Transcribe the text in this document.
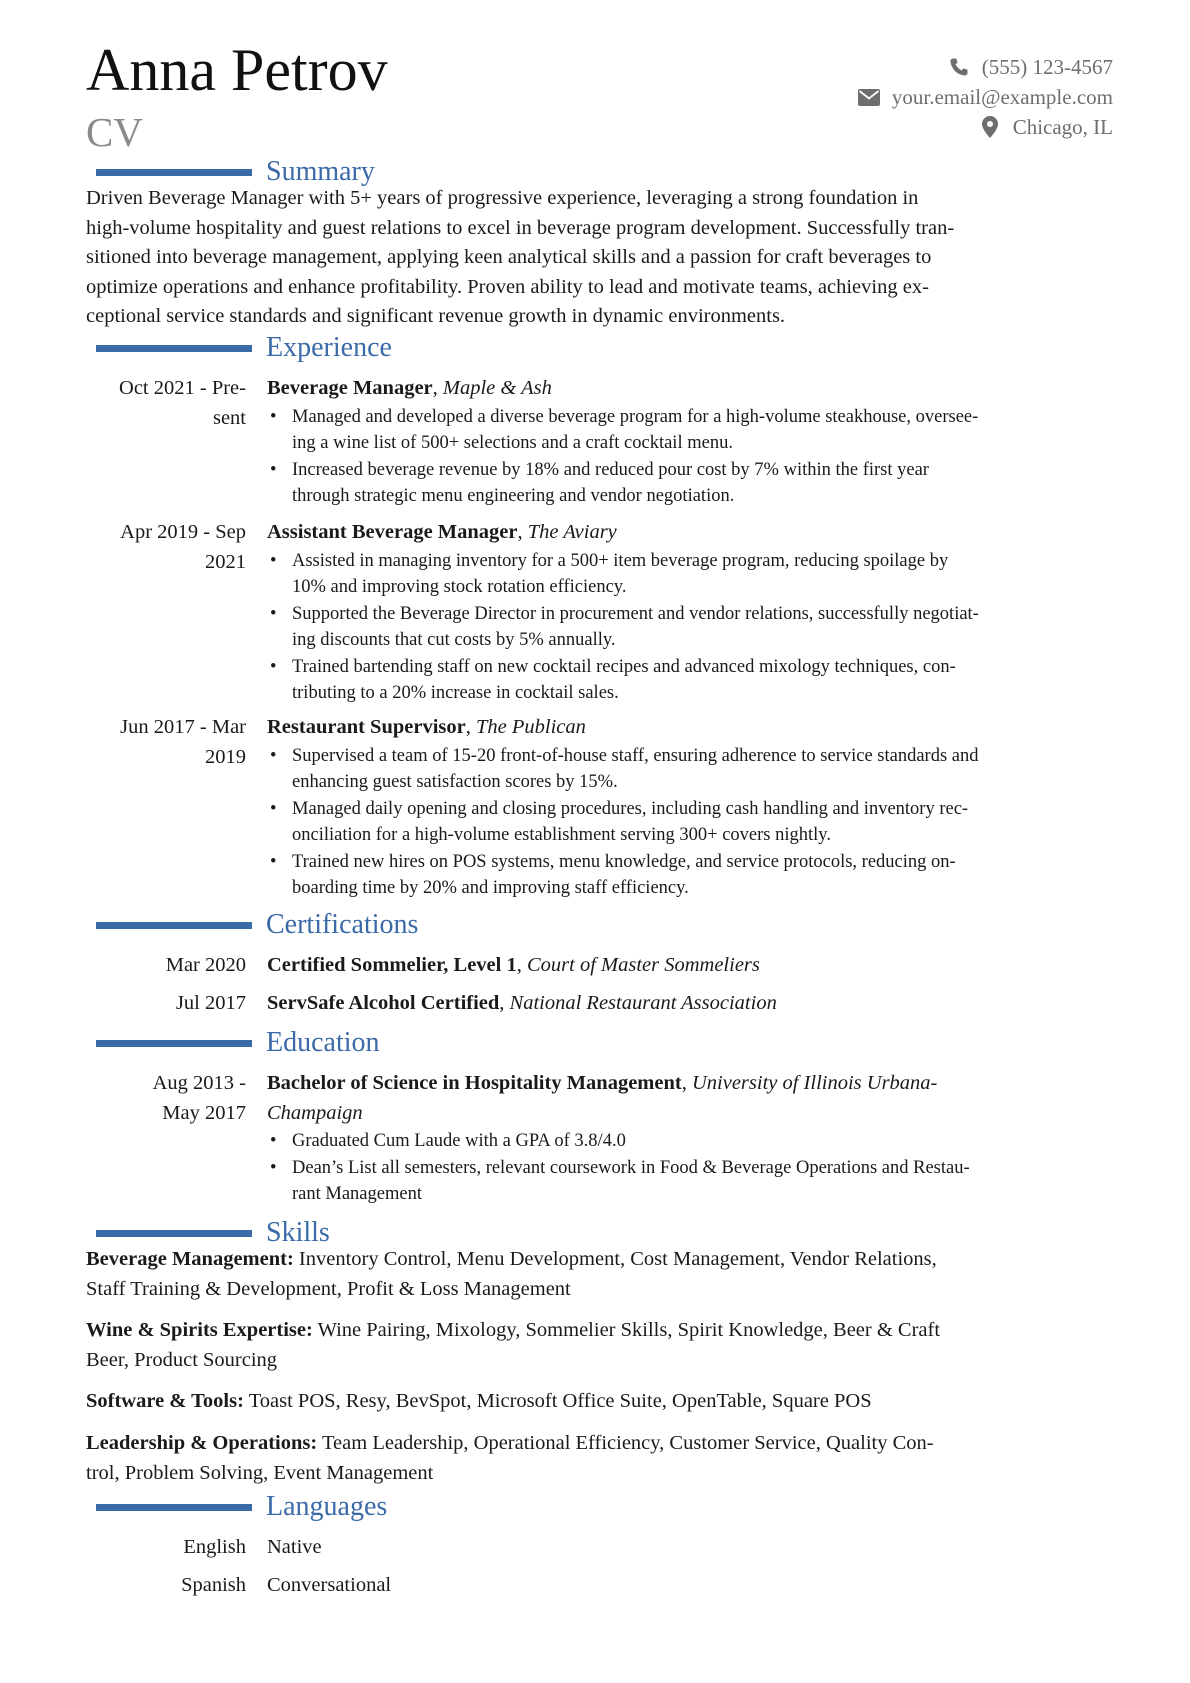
Anna Petrov
CV
(555) 123-4567
your.email@example.com
Chicago, IL
Summary
Driven Beverage Manager with 5+ years of progressive experience, leveraging a strong foundation in
high-volume hospitality and guest relations to excel in beverage program development. Successfully tran-
sitioned into beverage management, applying keen analytical skills and a passion for craft beverages to
optimize operations and enhance profitability. Proven ability to lead and motivate teams, achieving ex-
ceptional service standards and significant revenue growth in dynamic environments.
Experience
Oct 2021 - Pre-
sent
Beverage Manager, Maple & Ash
• Managed and developed a diverse beverage program for a high-volume steakhouse, oversee-
ing a wine list of 500+ selections and a craft cocktail menu.
• Increased beverage revenue by 18% and reduced pour cost by 7% within the first year
through strategic menu engineering and vendor negotiation.
Apr 2019 - Sep
2021
Assistant Beverage Manager, The Aviary
• Assisted in managing inventory for a 500+ item beverage program, reducing spoilage by
10% and improving stock rotation efficiency.
• Supported the Beverage Director in procurement and vendor relations, successfully negotiat-
ing discounts that cut costs by 5% annually.
• Trained bartending staff on new cocktail recipes and advanced mixology techniques, con-
tributing to a 20% increase in cocktail sales.
Jun 2017 - Mar
2019
Restaurant Supervisor, The Publican
• Supervised a team of 15-20 front-of-house staff, ensuring adherence to service standards and
enhancing guest satisfaction scores by 15%.
• Managed daily opening and closing procedures, including cash handling and inventory rec-
onciliation for a high-volume establishment serving 300+ covers nightly.
• Trained new hires on POS systems, menu knowledge, and service protocols, reducing on-
boarding time by 20% and improving staff efficiency.
Certifications
Mar 2020 Certified Sommelier, Level 1, Court of Master Sommeliers
Jul 2017 ServSafe Alcohol Certified, National Restaurant Association
Education
Aug 2013 -
May 2017
Bachelor of Science in Hospitality Management, University of Illinois Urbana-
Champaign
• Graduated Cum Laude with a GPA of 3.8/4.0
• Dean’s List all semesters, relevant coursework in Food & Beverage Operations and Restau-
rant Management
Skills
Beverage Management: Inventory Control, Menu Development, Cost Management, Vendor Relations,
Staff Training & Development, Profit & Loss Management
Wine & Spirits Expertise: Wine Pairing, Mixology, Sommelier Skills, Spirit Knowledge, Beer & Craft
Beer, Product Sourcing
Software & Tools: Toast POS, Resy, BevSpot, Microsoft Office Suite, OpenTable, Square POS
Leadership & Operations: Team Leadership, Operational Efficiency, Customer Service, Quality Con-
trol, Problem Solving, Event Management
Languages
English Native
Spanish Conversational
